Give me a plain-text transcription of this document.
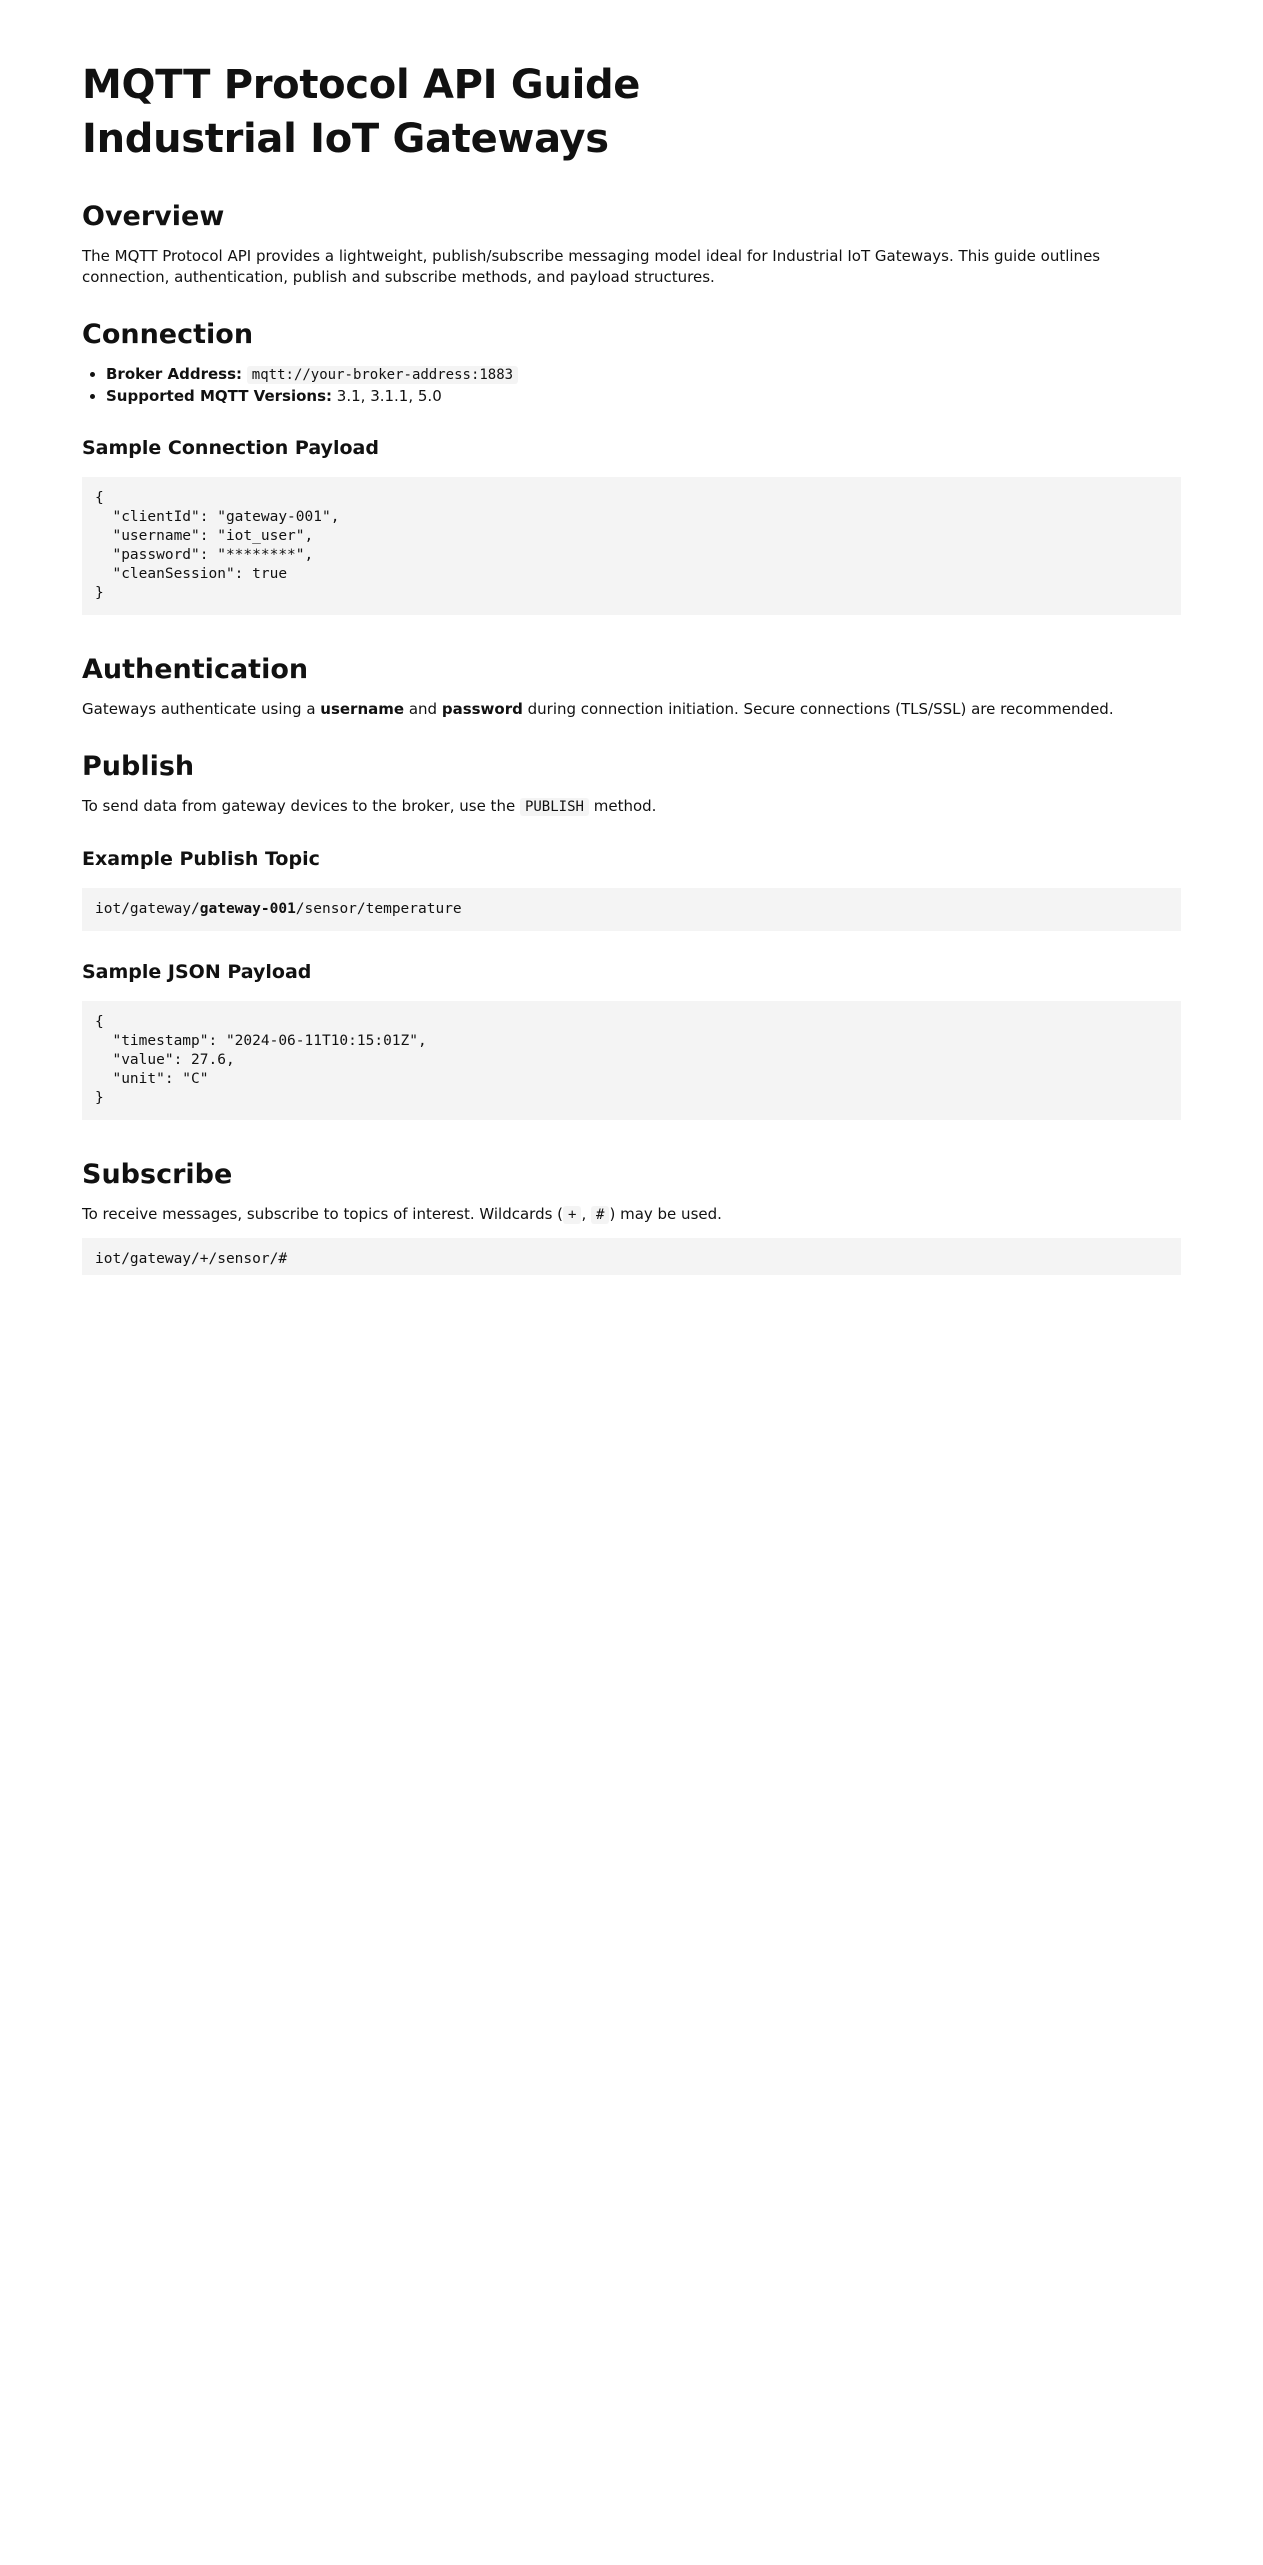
MQTT Protocol API Guide
Industrial IoT Gateways
Overview

The MQTT Protocol API provides a lightweight, publish/subscribe messaging model ideal for Industrial IoT Gateways. This guide outlines connection, authentication, publish and subscribe methods, and payload structures.

Connection
• Broker Address: mqtt://your-broker-address:1883
• Supported MQTT Versions: 3.1, 3.1.1, 5.0
Sample Connection Payload
{
"clientId": "gateway-001",
"username": "iot_user",
"password": "********",
"cleanSession": true
}
Authentication

Gateways authenticate using a username and password during connection initiation. Secure connections (TLS/SSL) are recommended.

Publish

To send data from gateway devices to the broker, use the PUBLISH method.

Example Publish Topic
iot/gateway/gateway-001/sensor/temperature
Sample JSON Payload
{
"timestamp": "2024-06-11T10:15:01Z",
"value": 27.6,
"unit": "C"
}
Subscribe

To receive messages, subscribe to topics of interest. Wildcards ( + , # ) may be used.

iot/gateway/+/sensor/#
